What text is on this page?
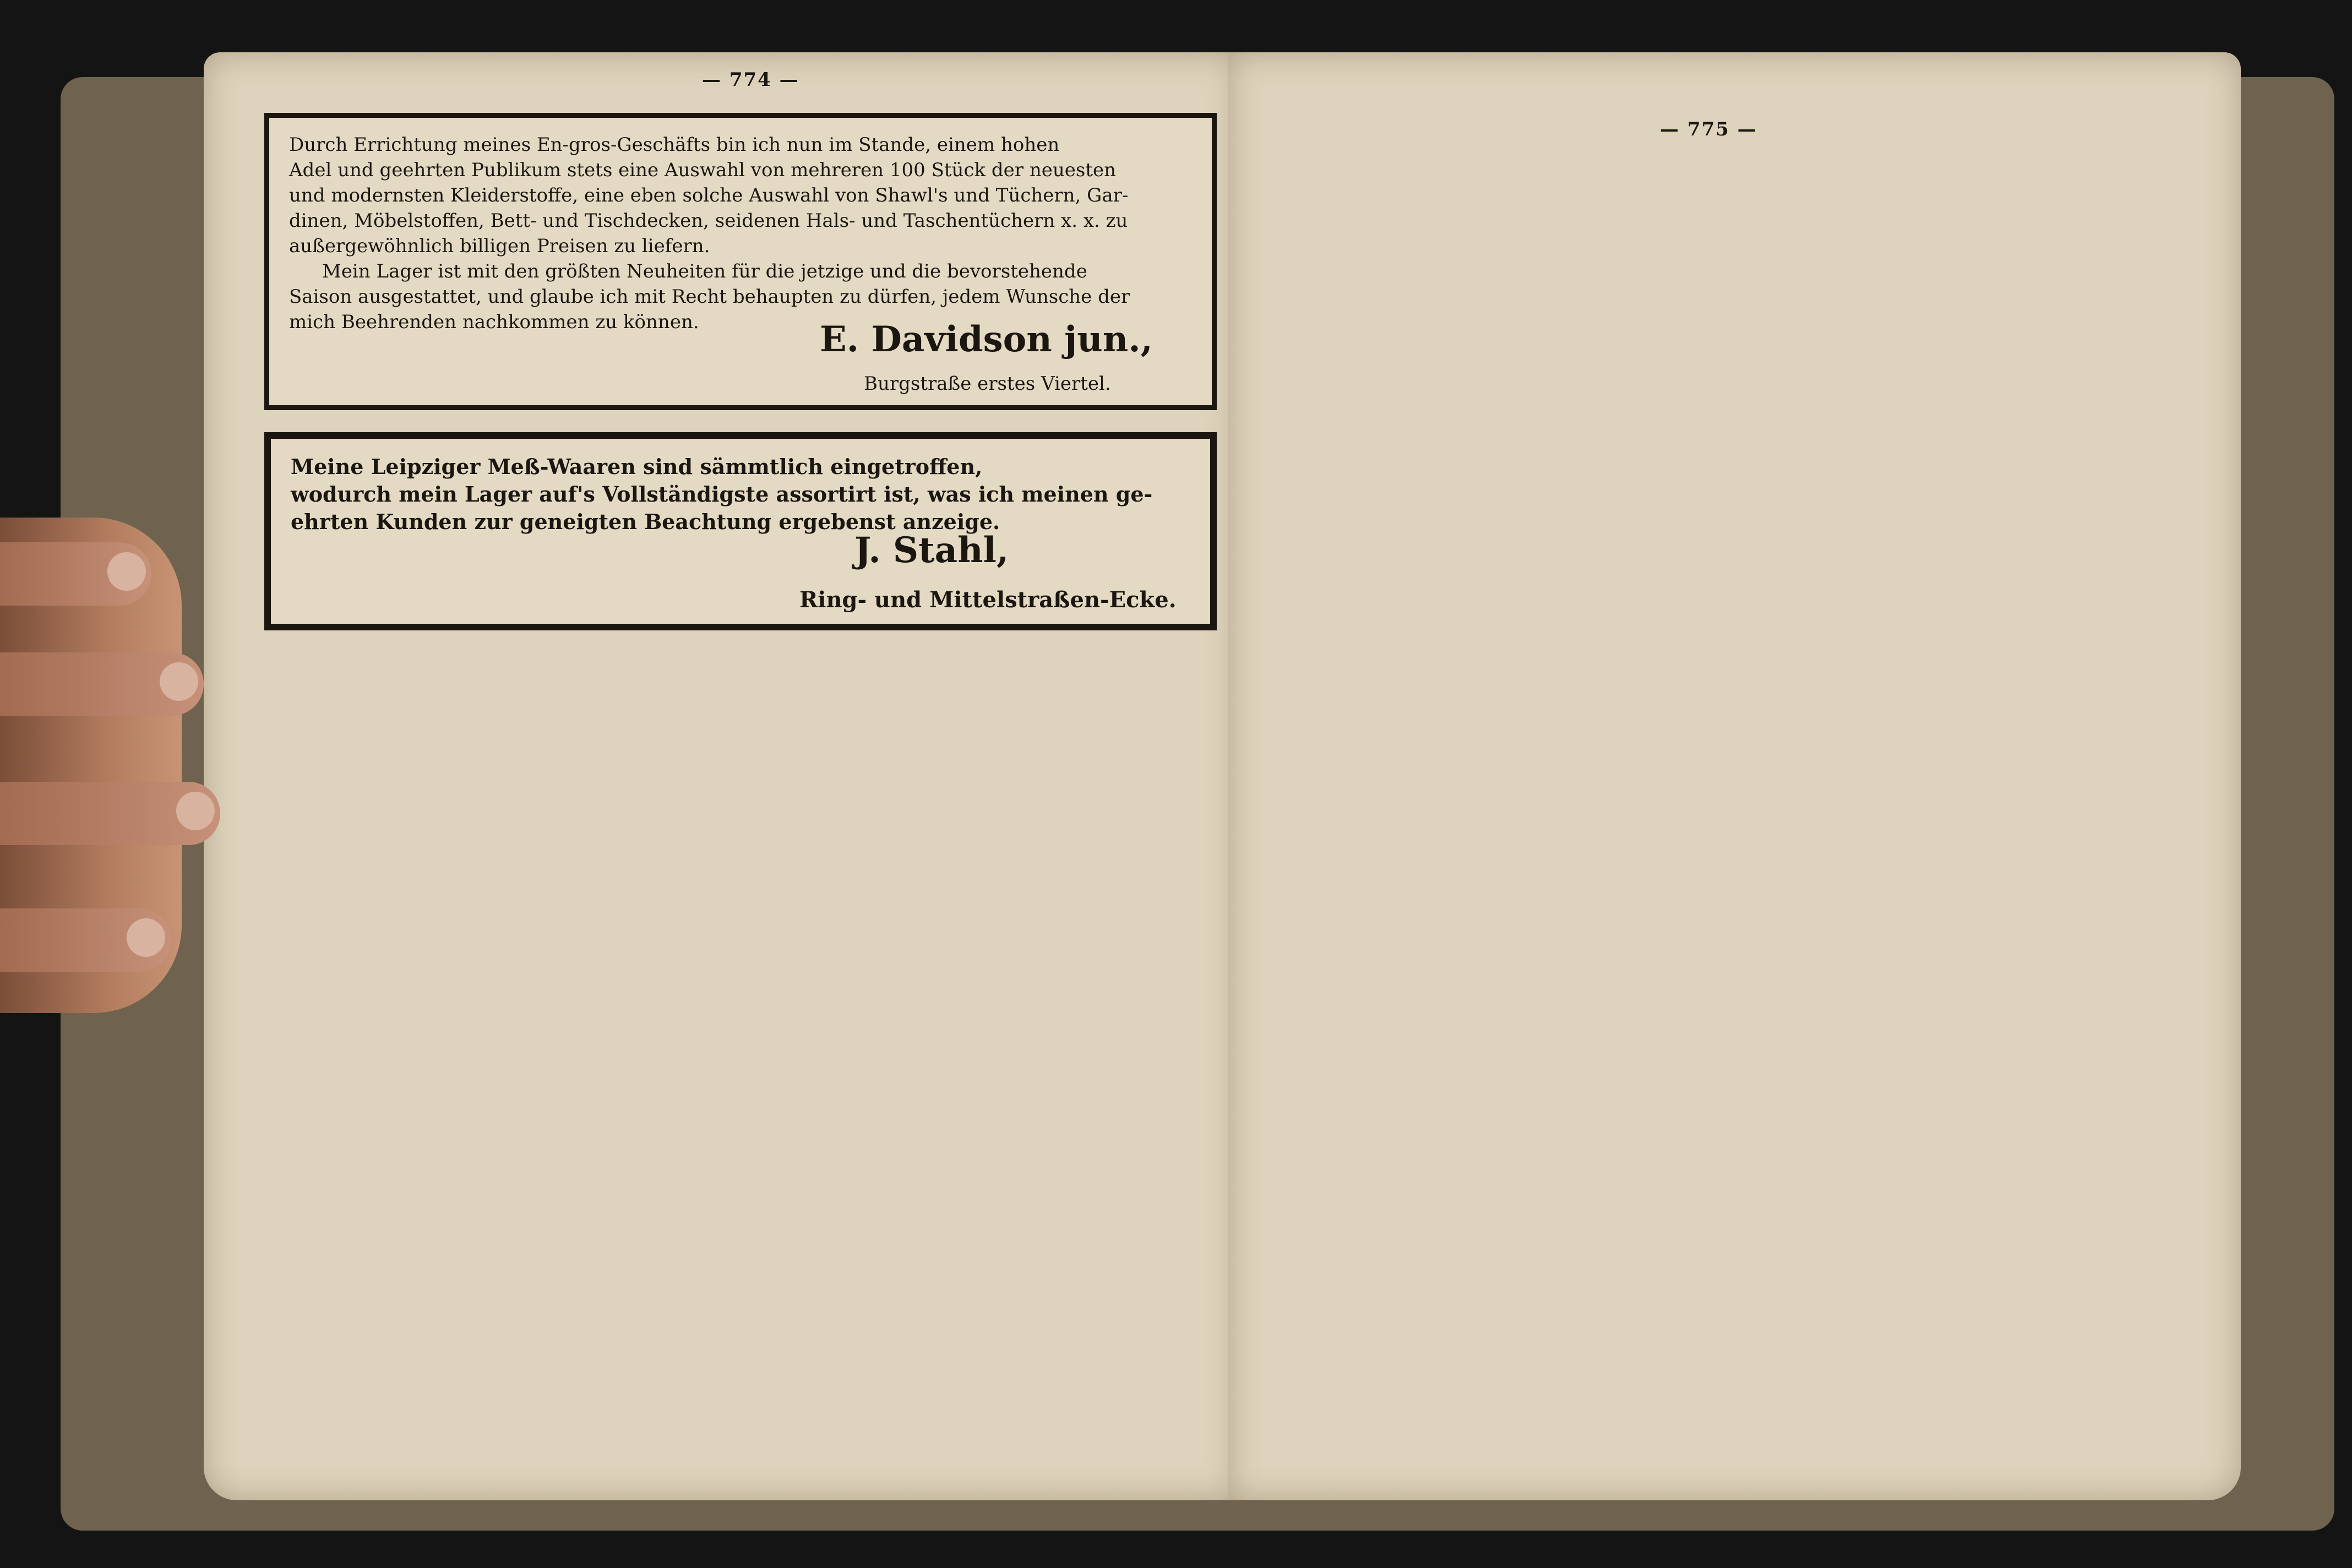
— 774 —

Durch Errichtung meines En-gros-Geschäfts bin ich nun im Stande, einem hohen

Adel und geehrten Publikum stets eine Auswahl von mehreren 100 Stück der neuesten

und modernsten Kleiderstoffe, eine eben solche Auswahl von Shawl's und Tüchern, Gar-

dinen, Möbelstoffen, Bett- und Tischdecken, seidenen Hals- und Taschentüchern x. x. zu

außergewöhnlich billigen Preisen zu liefern.

Mein Lager ist mit den größten Neuheiten für die jetzige und die bevorstehende

Saison ausgestattet, und glaube ich mit Recht behaupten zu dürfen, jedem Wunsche der

mich Beehrenden nachkommen zu können.	E. Davidson jun.,

Burgstraße erstes Viertel.

Meine Leipziger Meß-Waaren sind sämmtlich eingetroffen,

wodurch mein Lager auf's Vollständigste assortirt ist, was ich meinen ge-

ehrten Kunden zur geneigten Beachtung ergebenst anzeige.

J. Stahl,

Ring- und Mittelstraßen-Ecke.

— 775 —
